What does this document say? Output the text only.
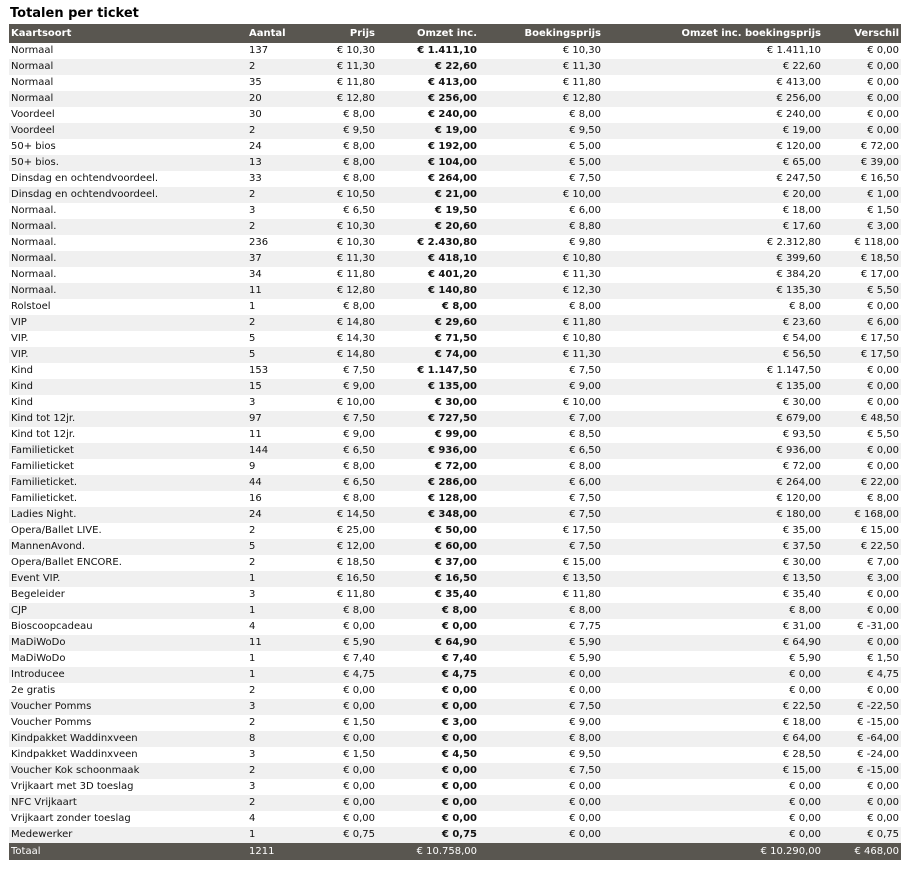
Totalen per ticket
Kaartsoort	Aantal	Prijs	Omzet inc.	Boekingsprijs	Omzet inc. boekingsprijs	Verschil
Normaal	137	€ 10,30	€ 1.411,10	€ 10,30	€ 1.411,10	€ 0,00
Normaal	2	€ 11,30	€ 22,60	€ 11,30	€ 22,60	€ 0,00
Normaal	35	€ 11,80	€ 413,00	€ 11,80	€ 413,00	€ 0,00
Normaal	20	€ 12,80	€ 256,00	€ 12,80	€ 256,00	€ 0,00
Voordeel	30	€ 8,00	€ 240,00	€ 8,00	€ 240,00	€ 0,00
Voordeel	2	€ 9,50	€ 19,00	€ 9,50	€ 19,00	€ 0,00
50+ bios	24	€ 8,00	€ 192,00	€ 5,00	€ 120,00	€ 72,00
50+ bios.	13	€ 8,00	€ 104,00	€ 5,00	€ 65,00	€ 39,00
Dinsdag en ochtendvoordeel.	33	€ 8,00	€ 264,00	€ 7,50	€ 247,50	€ 16,50
Dinsdag en ochtendvoordeel.	2	€ 10,50	€ 21,00	€ 10,00	€ 20,00	€ 1,00
Normaal.	3	€ 6,50	€ 19,50	€ 6,00	€ 18,00	€ 1,50
Normaal.	2	€ 10,30	€ 20,60	€ 8,80	€ 17,60	€ 3,00
Normaal.	236	€ 10,30	€ 2.430,80	€ 9,80	€ 2.312,80	€ 118,00
Normaal.	37	€ 11,30	€ 418,10	€ 10,80	€ 399,60	€ 18,50
Normaal.	34	€ 11,80	€ 401,20	€ 11,30	€ 384,20	€ 17,00
Normaal.	11	€ 12,80	€ 140,80	€ 12,30	€ 135,30	€ 5,50
Rolstoel	1	€ 8,00	€ 8,00	€ 8,00	€ 8,00	€ 0,00
VIP	2	€ 14,80	€ 29,60	€ 11,80	€ 23,60	€ 6,00
VIP.	5	€ 14,30	€ 71,50	€ 10,80	€ 54,00	€ 17,50
VIP.	5	€ 14,80	€ 74,00	€ 11,30	€ 56,50	€ 17,50
Kind	153	€ 7,50	€ 1.147,50	€ 7,50	€ 1.147,50	€ 0,00
Kind	15	€ 9,00	€ 135,00	€ 9,00	€ 135,00	€ 0,00
Kind	3	€ 10,00	€ 30,00	€ 10,00	€ 30,00	€ 0,00
Kind tot 12jr.	97	€ 7,50	€ 727,50	€ 7,00	€ 679,00	€ 48,50
Kind tot 12jr.	11	€ 9,00	€ 99,00	€ 8,50	€ 93,50	€ 5,50
Familieticket	144	€ 6,50	€ 936,00	€ 6,50	€ 936,00	€ 0,00
Familieticket	9	€ 8,00	€ 72,00	€ 8,00	€ 72,00	€ 0,00
Familieticket.	44	€ 6,50	€ 286,00	€ 6,00	€ 264,00	€ 22,00
Familieticket.	16	€ 8,00	€ 128,00	€ 7,50	€ 120,00	€ 8,00
Ladies Night.	24	€ 14,50	€ 348,00	€ 7,50	€ 180,00	€ 168,00
Opera/Ballet LIVE.	2	€ 25,00	€ 50,00	€ 17,50	€ 35,00	€ 15,00
MannenAvond.	5	€ 12,00	€ 60,00	€ 7,50	€ 37,50	€ 22,50
Opera/Ballet ENCORE.	2	€ 18,50	€ 37,00	€ 15,00	€ 30,00	€ 7,00
Event VIP.	1	€ 16,50	€ 16,50	€ 13,50	€ 13,50	€ 3,00
Begeleider	3	€ 11,80	€ 35,40	€ 11,80	€ 35,40	€ 0,00
CJP	1	€ 8,00	€ 8,00	€ 8,00	€ 8,00	€ 0,00
Bioscoopcadeau	4	€ 0,00	€ 0,00	€ 7,75	€ 31,00	€ -31,00
MaDiWoDo	11	€ 5,90	€ 64,90	€ 5,90	€ 64,90	€ 0,00
MaDiWoDo	1	€ 7,40	€ 7,40	€ 5,90	€ 5,90	€ 1,50
Introducee	1	€ 4,75	€ 4,75	€ 0,00	€ 0,00	€ 4,75
2e gratis	2	€ 0,00	€ 0,00	€ 0,00	€ 0,00	€ 0,00
Voucher Pomms	3	€ 0,00	€ 0,00	€ 7,50	€ 22,50	€ -22,50
Voucher Pomms	2	€ 1,50	€ 3,00	€ 9,00	€ 18,00	€ -15,00
Kindpakket Waddinxveen	8	€ 0,00	€ 0,00	€ 8,00	€ 64,00	€ -64,00
Kindpakket Waddinxveen	3	€ 1,50	€ 4,50	€ 9,50	€ 28,50	€ -24,00
Voucher Kok schoonmaak	2	€ 0,00	€ 0,00	€ 7,50	€ 15,00	€ -15,00
Vrijkaart met 3D toeslag	3	€ 0,00	€ 0,00	€ 0,00	€ 0,00	€ 0,00
NFC Vrijkaart	2	€ 0,00	€ 0,00	€ 0,00	€ 0,00	€ 0,00
Vrijkaart zonder toeslag	4	€ 0,00	€ 0,00	€ 0,00	€ 0,00	€ 0,00
Medewerker	1	€ 0,75	€ 0,75	€ 0,00	€ 0,00	€ 0,75
Totaal	1211		€ 10.758,00		€ 10.290,00	€ 468,00
